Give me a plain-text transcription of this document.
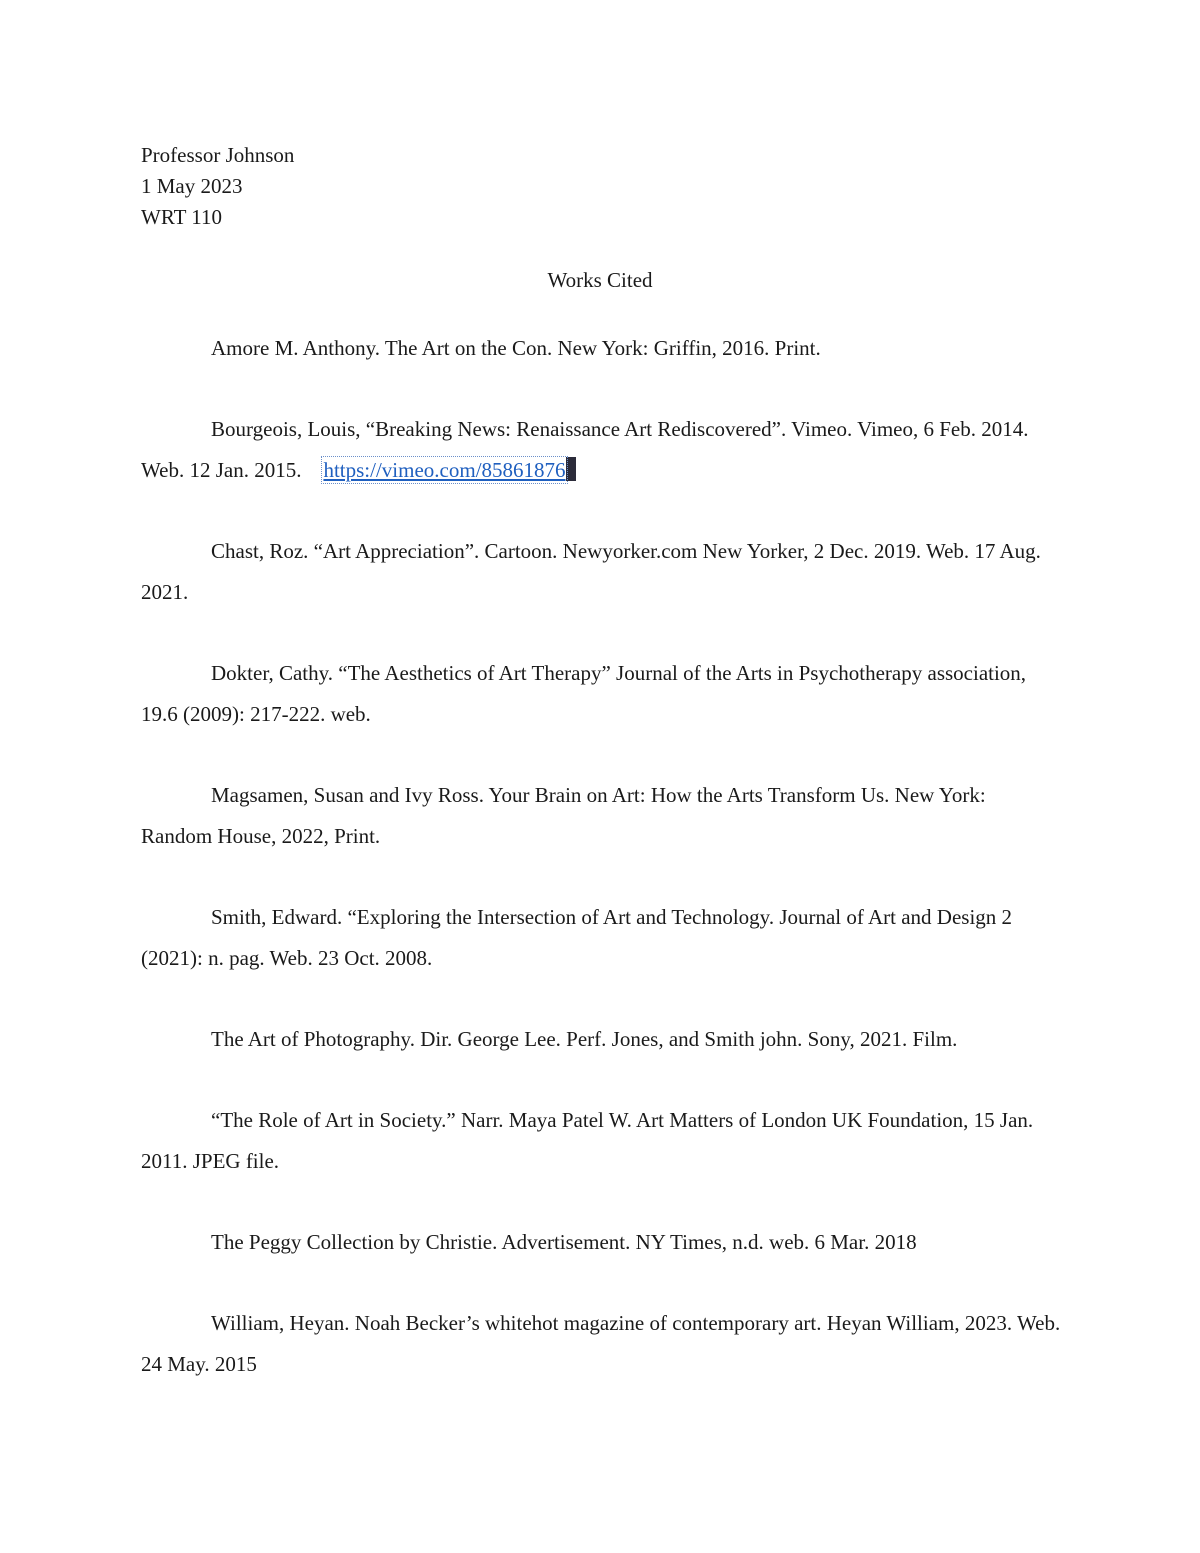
Professor Johnson
1 May 2023
WRT 110
Works Cited

Amore M. Anthony. The Art on the Con. New York: Griffin, 2016. Print.

Bourgeois, Louis, “Breaking News: Renaissance Art Rediscovered”. Vimeo. Vimeo, 6 Feb. 2014. Web. 12 Jan. 2015. https://vimeo.com/85861876

Chast, Roz. “Art Appreciation”. Cartoon. Newyorker.com New Yorker, 2 Dec. 2019. Web. 17 Aug. 2021.

Dokter, Cathy. “The Aesthetics of Art Therapy” Journal of the Arts in Psychotherapy association, 19.6 (2009): 217-222. web.

Magsamen, Susan and Ivy Ross. Your Brain on Art: How the Arts Transform Us. New York: Random House, 2022, Print.

Smith, Edward. “Exploring the Intersection of Art and Technology. Journal of Art and Design 2 (2021): n. pag. Web. 23 Oct. 2008.

The Art of Photography. Dir. George Lee. Perf. Jones, and Smith john. Sony, 2021. Film.

“The Role of Art in Society.” Narr. Maya Patel W. Art Matters of London UK Foundation, 15 Jan. 2011. JPEG file.

The Peggy Collection by Christie. Advertisement. NY Times, n.d. web. 6 Mar. 2018

William, Heyan. Noah Becker’s whitehot magazine of contemporary art. Heyan William, 2023. Web. 24 May. 2015
